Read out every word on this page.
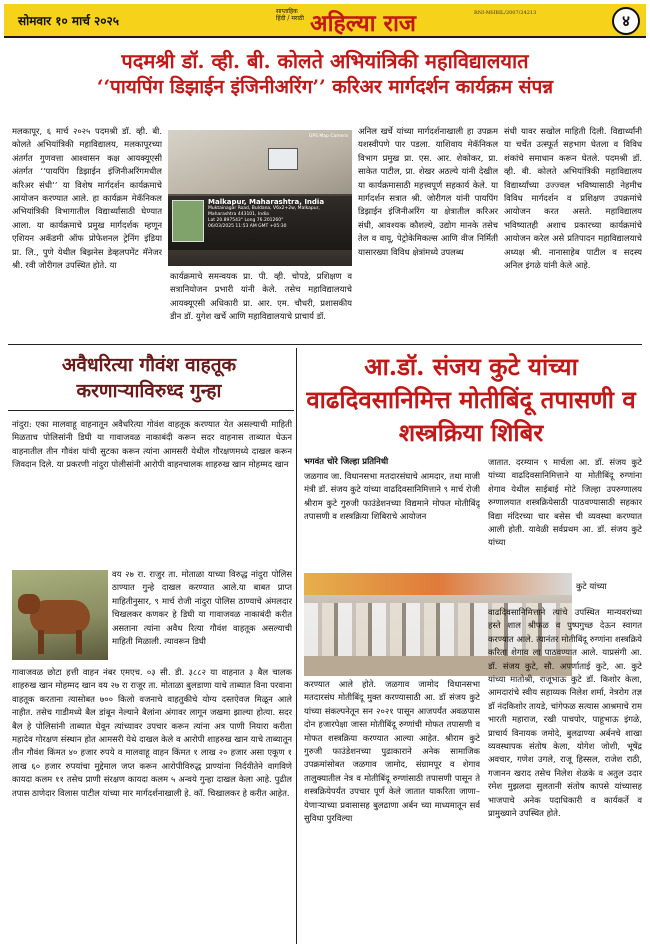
सोमवार १० मार्च २०२५
साप्ताहिक हिंदी / मराठी अहिल्या राज	RNI-MHBIL/2007/24213	४
पदमश्री डॉ. व्ही. बी. कोलते अभियांत्रिकी महाविद्यालयात
‘‘पायपिंग डिझाईन इंजिनीअरिंग’’ करिअर मार्गदर्शन कार्यक्रम संपन्न
मलकापूर, ६ मार्च २०२५ पदमश्री डॉ. व्ही. बी. कोलते अभियांत्रिकी महाविद्यालय, मलकापूरच्या अंतर्गत गुणवत्ता आश्वासन कक्ष आयक्यूएसी अंतर्गत ‘‘पायपिंग डिझाईन इंजिनीअरिंगमधील करिअर संधी’’ या विशेष मार्गदर्शन कार्यक्रमाचे आयोजन करण्यात आले. हा कार्यक्रम मेकॅनिकल अभियांत्रिकी विभागातील विद्यार्थ्यांसाठी घेण्यात आला. या कार्यक्रमाचे प्रमुख मार्गदर्शक म्हणून एशियन अकॅडमी ऑफ प्रोफेशनल ट्रेनिंग इंडिया प्रा. लि., पुणे येथील बिझनेस डेव्हलपमेंट मॅनेजर श्री. रवी जोरीगल उपस्थित होते. या
Malkapur, Maharashtra, India
Muktainagar Road, Buldana, V6x2+2w, Malkapur,
Maharashtra 443101, India
Lat 20.897543° Long 76.201260°
06/03/2025 11:53 AM GMT +05:30
GPS Map Camera
कार्यक्रमाचे समन्वयक प्रा. पी. व्ही. चोपडे, प्रशिक्षण व सत्रानियोजन प्रभारी यांनी केले. तसेच महाविद्यालयाचे आयक्यूएसी अधिकारी प्रा. आर. एम. चौधरी, प्रशासकीय डीन डॉ. युगेश खर्चे आणि महाविद्यालयाचे प्राचार्य डॉ.
अनिल खर्चे यांच्या मार्गदर्शनाखाली हा उपक्रम यशस्वीपणे पार पडला. याशिवाय मेकॅनिकल विभाग प्रमुख प्रा. एस. आर. शेकोकर, प्रा. साकेत पाटील, प्रा. शेखर अठल्ये यांनी देखील या कार्यक्रमासाठी महत्त्वपूर्ण सहकार्य केले. या मार्गदर्शन सत्रात श्री. जोरीगल यांनी पायपिंग डिझाईन इंजिनीअरिंग या क्षेत्रातील करिअर संधी, आवश्यक कौशल्ये, उद्योग मानके तसेच तेल व वायू, पेट्रोकेमिकल्स आणि वीज निर्मिती यासारख्या विविध क्षेत्रांमध्ये उपलब्ध
संधी यावर सखोल माहिती दिली. विद्यार्थ्यांनी या चर्चेत उत्स्फूर्त सहभाग घेतला व विविध शंकांचे समाधान करून घेतले. पदमश्री डॉ. व्ही. बी. कोलते अभियांत्रिकी महाविद्यालय विद्यार्थ्यांच्या उज्ज्वल भविष्यासाठी नेहमीच विविध मार्गदर्शन व प्रशिक्षण उपक्रमांचे आयोजन करत असते. महाविद्यालय भविष्यातही अशाच प्रकारच्या कार्यक्रमांचे आयोजन करेल असे प्रतिपादन महाविद्यालयाचे अध्यक्ष श्री. नानासाहेब पाटील व सदस्य अनिल इंगळे यांनी केले आहे.
अवैधरित्या गौवंश वाहतूक करणाऱ्याविरुध्द गुन्हा
नांदुरा: एका मालवाहू वाहनातून अवैधरित्या गोवंश वाहतूक करण्यात येत असल्याची माहिती मिळताच पोलिसांनी डिघी या गावाजवळ नाकाबंदी करून सदर वाहनास ताब्यात घेऊन वाहनातील तीन गौवंश यांची सुटका करून त्यांना आमसरी येथील गौरक्षणमध्ये दाखल करून जिवदान दिले. या प्रकरणी नांदुरा पोलीसांनी आरोपी वाहनचालक शाहरुख खान मोहम्मद खान
वय २७ रा. राजुर ता. मोताळा याच्या विरुद्ध नांदुरा पोलिस ठाण्यात गुन्हे दाखल करण्यात आले.या बाबत प्राप्त माहितीनुसार, ९ मार्च रोजी नांदुरा पोलिस ठाण्याचे अंमलदार चिखलकर कणकर हे डिघी या गावाजवळ नाकाबंदी करीत असताना त्यांना अवैध रित्या गौवंश वाहतूक असल्याची माहिती मिळाली. त्यावरून डिघी
गावाजवळ छोटा हत्ती वाहन नंबर एमएच. ०३ सी. डी. ३८८२ या वाहनात ३ बैल चालक शाहरुख खान मोहम्मद खान वय २७ रा राजूर ता. मोताळा बुलडाणा याचे ताब्यात विना परवाना वाहतूक करताना त्यासोबत ७०० किलो वजनाचे वाहतुकीचे योग्य दस्तऐवज मिळून आले नाहीत. तसेच गाडीमध्ये बैल डांबून नेल्याने बैलांना अंगावर लागून जखमा झाल्या होत्या. सदर बैल हे पोलिसांनी ताब्यात घेवून त्यांच्यावर उपचार करून त्यांना अत्र पाणी नियारा करीता महादेव गोरक्षण संस्थान होत आमसरी येथे दाखल केले व आरोपी शाहरुख खान याचे ताब्यातून तीन गौवंश किंमत ४० हजार रुपये व मालवाहू वाहन किंमत १ लाख २० हजार असा एकूण १ लाख ६० हजार रुपयांचा मुद्देमाल जप्त करून आरोपीविरुद्ध प्राण्यांना निर्दयीतेने वागविणे कायदा कलम ११ तसेच प्राणी संरक्षण कायदा कलम ५ अन्वये गुन्हा दाखल केला आहे. पुढील तपास ठाणेदार विलास पाटील यांच्या मार मार्गदर्शनाखाली हे. कॉ. चिखालकर हे करीत आहेत.
आ.डॉ. संजय कुटे यांच्या वाढदिवसानिमित्त मोतीबिंदू तपासणी व शस्त्रक्रिया शिबिर
भगवंत चोरे जिल्हा प्रतिनिधी
जळगाव जा. विधानसभा मतदारसंघाचे आमदार, तथा माजी मंत्री डॉ. संजय कुटे यांच्या वाढदिवसानिमित्ताने ९ मार्च रोजी श्रीराम कुटे गुरुजी फाउंडेशनच्या विद्यमाने मोफत मोतीबिंदू तपासणी व शस्त्रक्रिया शिबिराचे आयोजन
जातात. दरम्यान ९ मार्चला आ. डॉ. संजय कुटे यांच्या वाढदिवसानिमित्ताने या मोतीबिंदू रुग्णांना शेगाव येथील साईबाई मोटे जिल्हा उपरुग्णालय रुग्णालयात शस्त्रक्रियेसाठी पाठवण्यासाठी सहकार विद्या मंदिरच्या चार बसेस ची व्यवस्था करण्यात आली होती. यावेळी सर्वप्रथम आ. डॉ. संजय कुटे यांच्या
कुटे यांच्या
वाढदिवसानिमित्ताने त्यांचे उपस्थित मान्यवरांच्या हस्ते शाल श्रीफळ व पुष्पगुच्छ देऊन स्वागत करण्यात आले. त्यानंतर मोतीबिंदू रुग्णांना शस्त्रक्रिये करिता शेगाव ला पाठवण्यात आले. याप्रसंगी आ. डॉ. संजय कुटे, सौ. अपर्णाताई कुटे, आ. कुटे यांच्या मातोश्री, राजूभाऊ कुटे डॉ. किशोर केला, आमदारांचे स्वीय सहाय्यक निलेश शर्मा, नेत्ररोग तज्ञ डॉ नंदकिशोर तायडे, चांगेफळ सत्यास आश्रमाचे राम भारती महाराज, रखी पाचपोर, पाहूभाऊ इंगळे, प्राचार्य विनायक जमोदे, बुलढाण्या अर्बनचे शाखा व्यवस्थापक संतोष केला, योगेश जोशी, भूषेंद्र अवचार, गणेश उगले, राजू हिस्सल, राजेश राठी, गजानन खराद तसेच निलेश शेळके व अतुल उदार रमेश मुझलदा सुलतानी संतोष कापसे यांच्यासह भाजपाचे अनेक पदाधिकारी व कार्यकर्ते व प्रामुख्याने उपस्थित होते.
करण्यात आले होते. जळगाव जामोद विधानसभा मतदारसंघ मोतीबिंदू मुक्त करण्यासाठी आ. डॉ संजय कुटे यांच्या संकल्पनेतून सन २०२१ पासून आजपर्यंत अवळपास दोन हजारपेक्षा जास्त मोतीबिंदू रुग्णांची मोफत तपासणी व मोफत शस्त्रक्रिया करण्यात आल्या आहेत. श्रीराम कुटे गुरुजी फाउंडेशनच्या पुढाकाराने अनेक सामाजिक उपक्रमांसोबत जळगाव जामोद, संग्रामपूर व शेगाव तालुक्यातील नेत्र व मोतीबिंदू रुग्णांसाठी तपासणी पासून ते शस्त्रक्रियेपर्यंत उपचार पूर्ण केले जातात याकरिता जाणा–येणाऱ्याच्या प्रवासासह बुलढाणा अर्बन च्या माध्यमातून सर्व सुविधा पुरविल्या
